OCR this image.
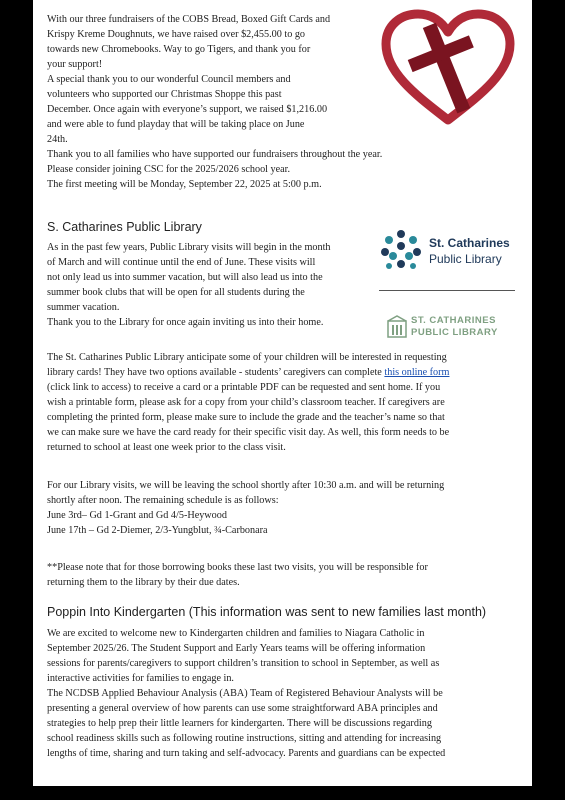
With our three fundraisers of the COBS Bread, Boxed Gift Cards and
Krispy Kreme Doughnuts, we have raised over $2,455.00 to go
towards new Chromebooks. Way to go Tigers, and thank you for
your support!
A special thank you to our wonderful Council members and
volunteers who supported our Christmas Shoppe this past
December. Once again with everyone’s support, we raised $1,216.00
and were able to fund playday that will be taking place on June
24th.
Thank you to all families who have supported our fundraisers throughout the year.
Please consider joining CSC for the 2025/2026 school year.
The first meeting will be Monday, September 22, 2025 at 5:00 p.m.
S. Catharines Public Library
As in the past few years, Public Library visits will begin in the month
of March and will continue until the end of June. These visits will
not only lead us into summer vacation, but will also lead us into the
summer book clubs that will be open for all students during the
summer vacation.
Thank you to the Library for once again inviting us into their home.
St. Catharines
Public Library
ST. CATHARINES
PUBLIC LIBRARY
The St. Catharines Public Library anticipate some of your children will be interested in requesting
library cards! They have two options available - students’ caregivers can complete this online form
(click link to access) to receive a card or a printable PDF can be requested and sent home. If you
wish a printable form, please ask for a copy from your child’s classroom teacher. If caregivers are
completing the printed form, please make sure to include the grade and the teacher’s name so that
we can make sure we have the card ready for their specific visit day. As well, this form needs to be
returned to school at least one week prior to the class visit.
For our Library visits, we will be leaving the school shortly after 10:30 a.m. and will be returning
shortly after noon. The remaining schedule is as follows:
June 3rd– Gd 1-Grant and Gd 4/5-Heywood
June 17th – Gd 2-Diemer, 2/3-Yungblut, ¾-Carbonara
**Please note that for those borrowing books these last two visits, you will be responsible for
returning them to the library by their due dates.
Poppin Into Kindergarten (This information was sent to new families last month)
We are excited to welcome new to Kindergarten children and families to Niagara Catholic in
September 2025/26. The Student Support and Early Years teams will be offering information
sessions for parents/caregivers to support children’s transition to school in September, as well as
interactive activities for families to engage in.
The NCDSB Applied Behaviour Analysis (ABA) Team of Registered Behaviour Analysts will be
presenting a general overview of how parents can use some straightforward ABA principles and
strategies to help prep their little learners for kindergarten. There will be discussions regarding
school readiness skills such as following routine instructions, sitting and attending for increasing
lengths of time, sharing and turn taking and self-advocacy. Parents and guardians can be expected
